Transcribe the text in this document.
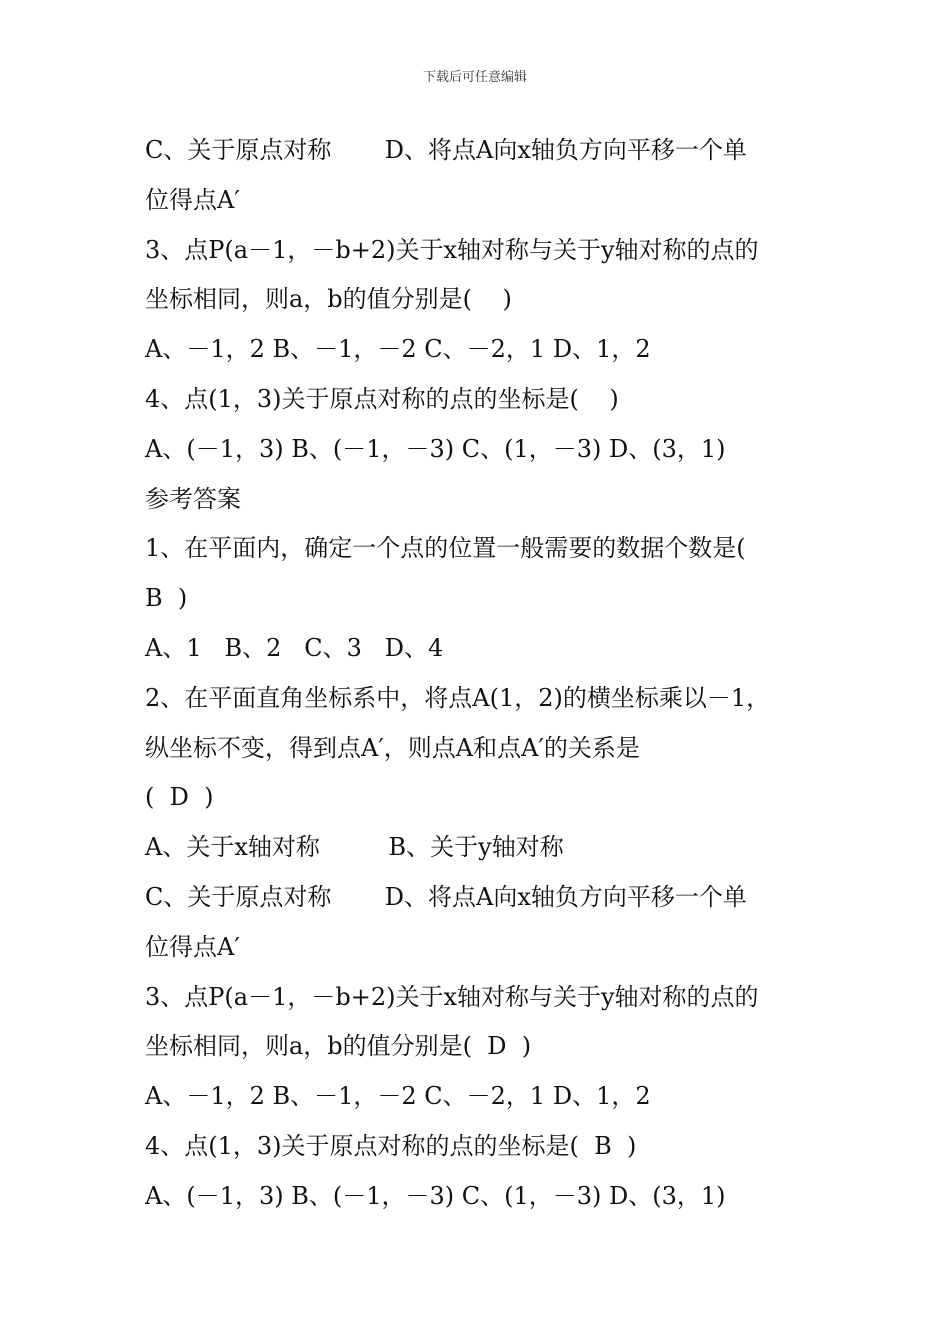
下载后可任意编辑
C、关于原点对称       D、将点A向x轴负方向平移一个单
位得点A′
3、点P(a－1，－b+2)关于x轴对称与关于y轴对称的点的
坐标相同，则a，b的值分别是(    )
A、－1，2 B、－1，－2 C、－2，1 D、1，2
4、点(1，3)关于原点对称的点的坐标是(    )
A、(－1，3) B、(－1，－3) C、(1，－3) D、(3，1)
参考答案
1、在平面内，确定一个点的位置一般需要的数据个数是(
B  )
A、1   B、2   C、3   D、4
2、在平面直角坐标系中，将点A(1，2)的横坐标乘以－1，
纵坐标不变，得到点A′，则点A和点A′的关系是
(  D  )
A、关于x轴对称         B、关于y轴对称
C、关于原点对称       D、将点A向x轴负方向平移一个单
位得点A′
3、点P(a－1，－b+2)关于x轴对称与关于y轴对称的点的
坐标相同，则a，b的值分别是(  D  )
A、－1，2 B、－1，－2 C、－2，1 D、1，2
4、点(1，3)关于原点对称的点的坐标是(  B  )
A、(－1，3) B、(－1，－3) C、(1，－3) D、(3，1)
